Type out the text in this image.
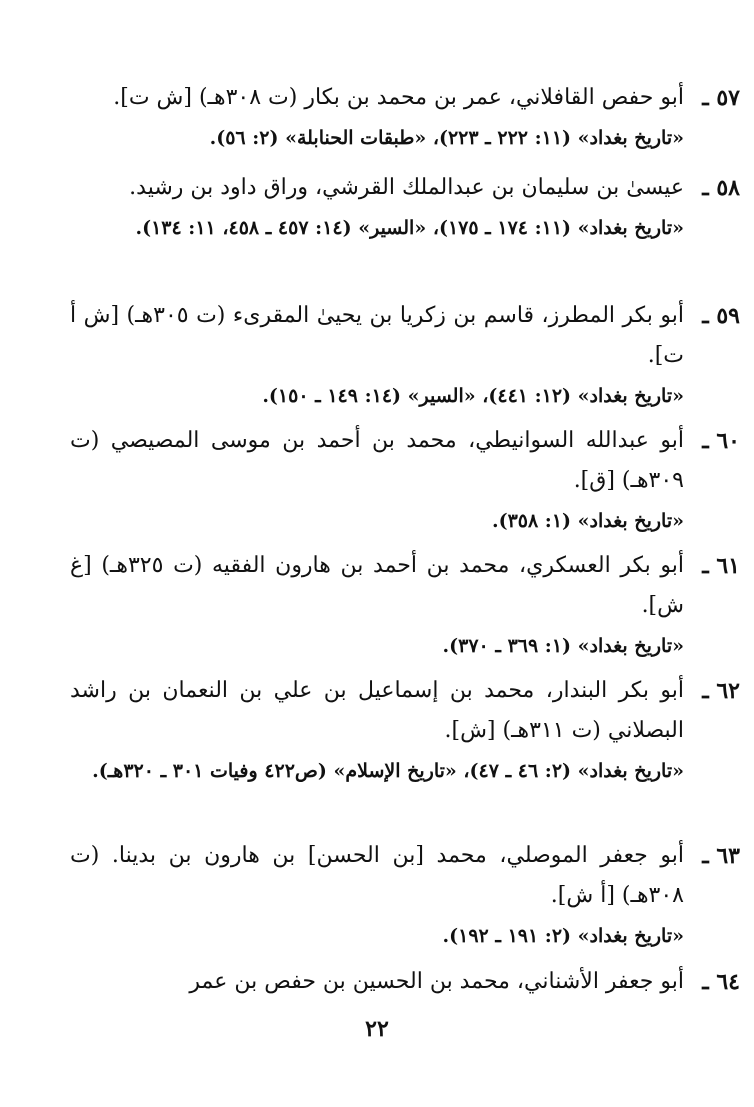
٥٧ ـ
أبو حفص القافلاني، عمر بن محمد بن بكار (ت ٣٠٨هـ) [ش ت].
«تاريخ بغداد» (١١: ٢٢٢ ـ ٢٢٣)، «طبقات الحنابلة» (٢: ٥٦).
٥٨ ـ
عيسىٰ بن سليمان بن عبدالملك القرشي، وراق داود بن رشيد.
«تاريخ بغداد» (١١: ١٧٤ ـ ١٧٥)، «السير» (١٤: ٤٥٧ ـ ٤٥٨، ١١: ١٣٤).
٥٩ ـ
أبو بكر المطرز، قاسم بن زكريا بن يحيىٰ المقرىء (ت ٣٠٥هـ) [ش أ ت].
«تاريخ بغداد» (١٢: ٤٤١)، «السير» (١٤: ١٤٩ ـ ١٥٠).
٦٠ ـ
أبو عبدالله السوانيطي، محمد بن أحمد بن موسى المصيصي (ت ٣٠٩هـ) [ق].
«تاريخ بغداد» (١: ٣٥٨).
٦١ ـ
أبو بكر العسكري، محمد بن أحمد بن هارون الفقيه (ت ٣٢٥هـ) [غ ش].
«تاريخ بغداد» (١: ٣٦٩ ـ ٣٧٠).
٦٢ ـ
أبو بكر البندار، محمد بن إسماعيل بن علي بن النعمان بن راشد البصلاني (ت ٣١١هـ) [ش].
«تاريخ بغداد» (٢: ٤٦ ـ ٤٧)، «تاريخ الإسلام» (ص٤٢٢ وفيات ٣٠١ ـ ٣٢٠هـ).
٦٣ ـ
أبو جعفر الموصلي، محمد [بن الحسن] بن هارون بن بدينا. (ت ٣٠٨هـ) [أ ش].
«تاريخ بغداد» (٢: ١٩١ ـ ١٩٢).
٦٤ ـ
أبو جعفر الأشناني، محمد بن الحسين بن حفص بن عمر
٢٢
